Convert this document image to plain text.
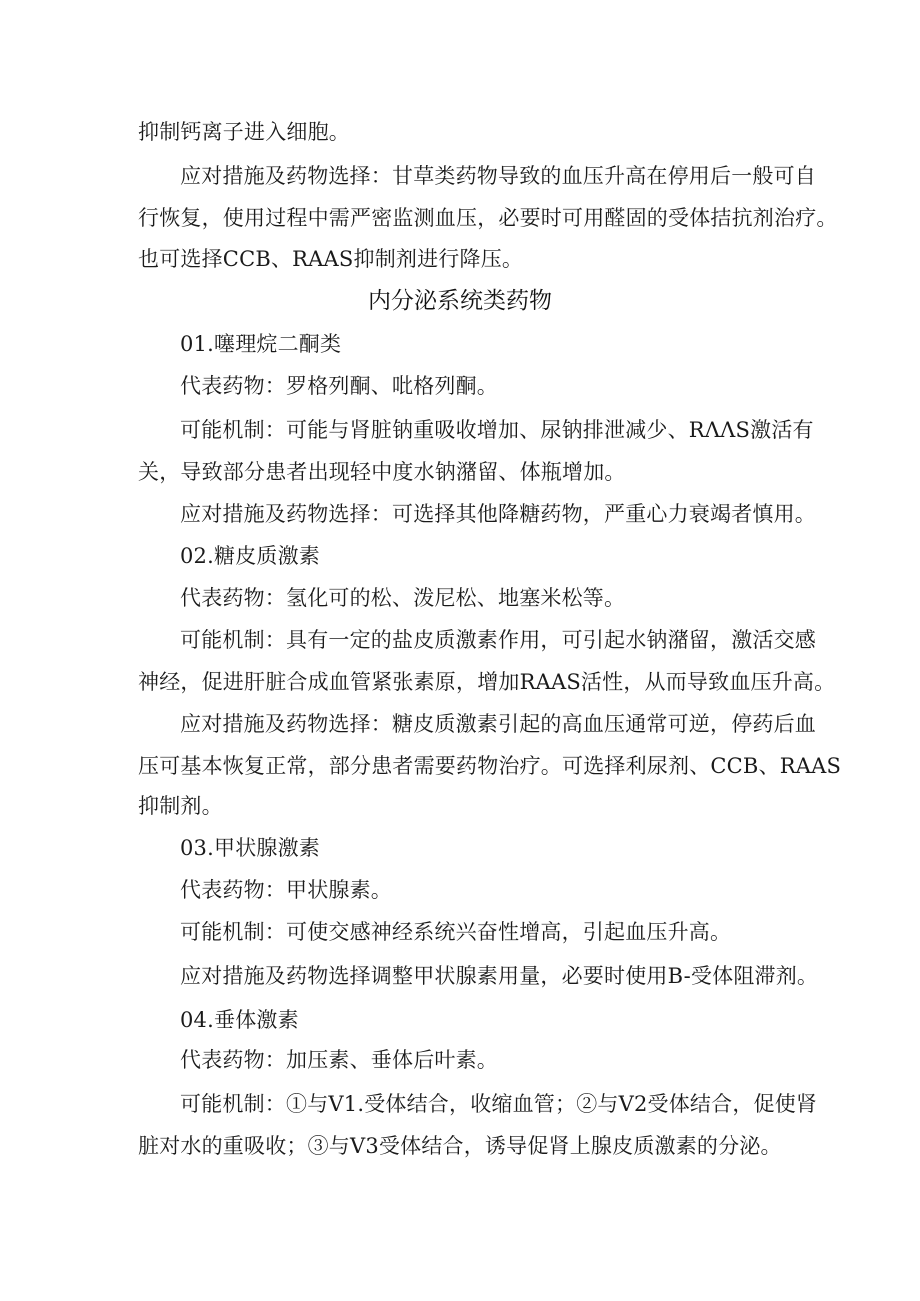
抑制钙离子进入细胞。
应对措施及药物选择：甘草类药物导致的血压升高在停用后一般可自
行恢复，使用过程中需严密监测血压，必要时可用醛固的受体拮抗剂治疗。
也可选择CCB、RAAS抑制剂进行降压。
内分泌系统类药物
01.噻理烷二酮类
代表药物：罗格列酮、吡格列酮。
可能机制：可能与肾脏钠重吸收增加、尿钠排泄减少、RΛΛS激活有
关，导致部分患者出现轻中度水钠潴留、体瓶增加。
应对措施及药物选择：可选择其他降糖药物，严重心力衰竭者慎用。
02.糖皮质激素
代表药物：氢化可的松、泼尼松、地塞米松等。
可能机制：具有一定的盐皮质激素作用，可引起水钠潴留，激活交感
神经，促进肝脏合成血管紧张素原，增加RAAS活性，从而导致血压升高。
应对措施及药物选择：糖皮质激素引起的高血压通常可逆，停药后血
压可基本恢复正常，部分患者需要药物治疗。可选择利尿剂、CCB、RAAS
抑制剂。
03.甲状腺激素
代表药物：甲状腺素。
可能机制：可使交感神经系统兴奋性增高，引起血压升高。
应对措施及药物选择调整甲状腺素用量，必要时使用B-受体阻滞剂。
04.垂体激素
代表药物：加压素、垂体后叶素。
可能机制：①与V1.受体结合，收缩血管；②与V2受体结合，促使肾
脏对水的重吸收；③与V3受体结合，诱导促肾上腺皮质激素的分泌。
